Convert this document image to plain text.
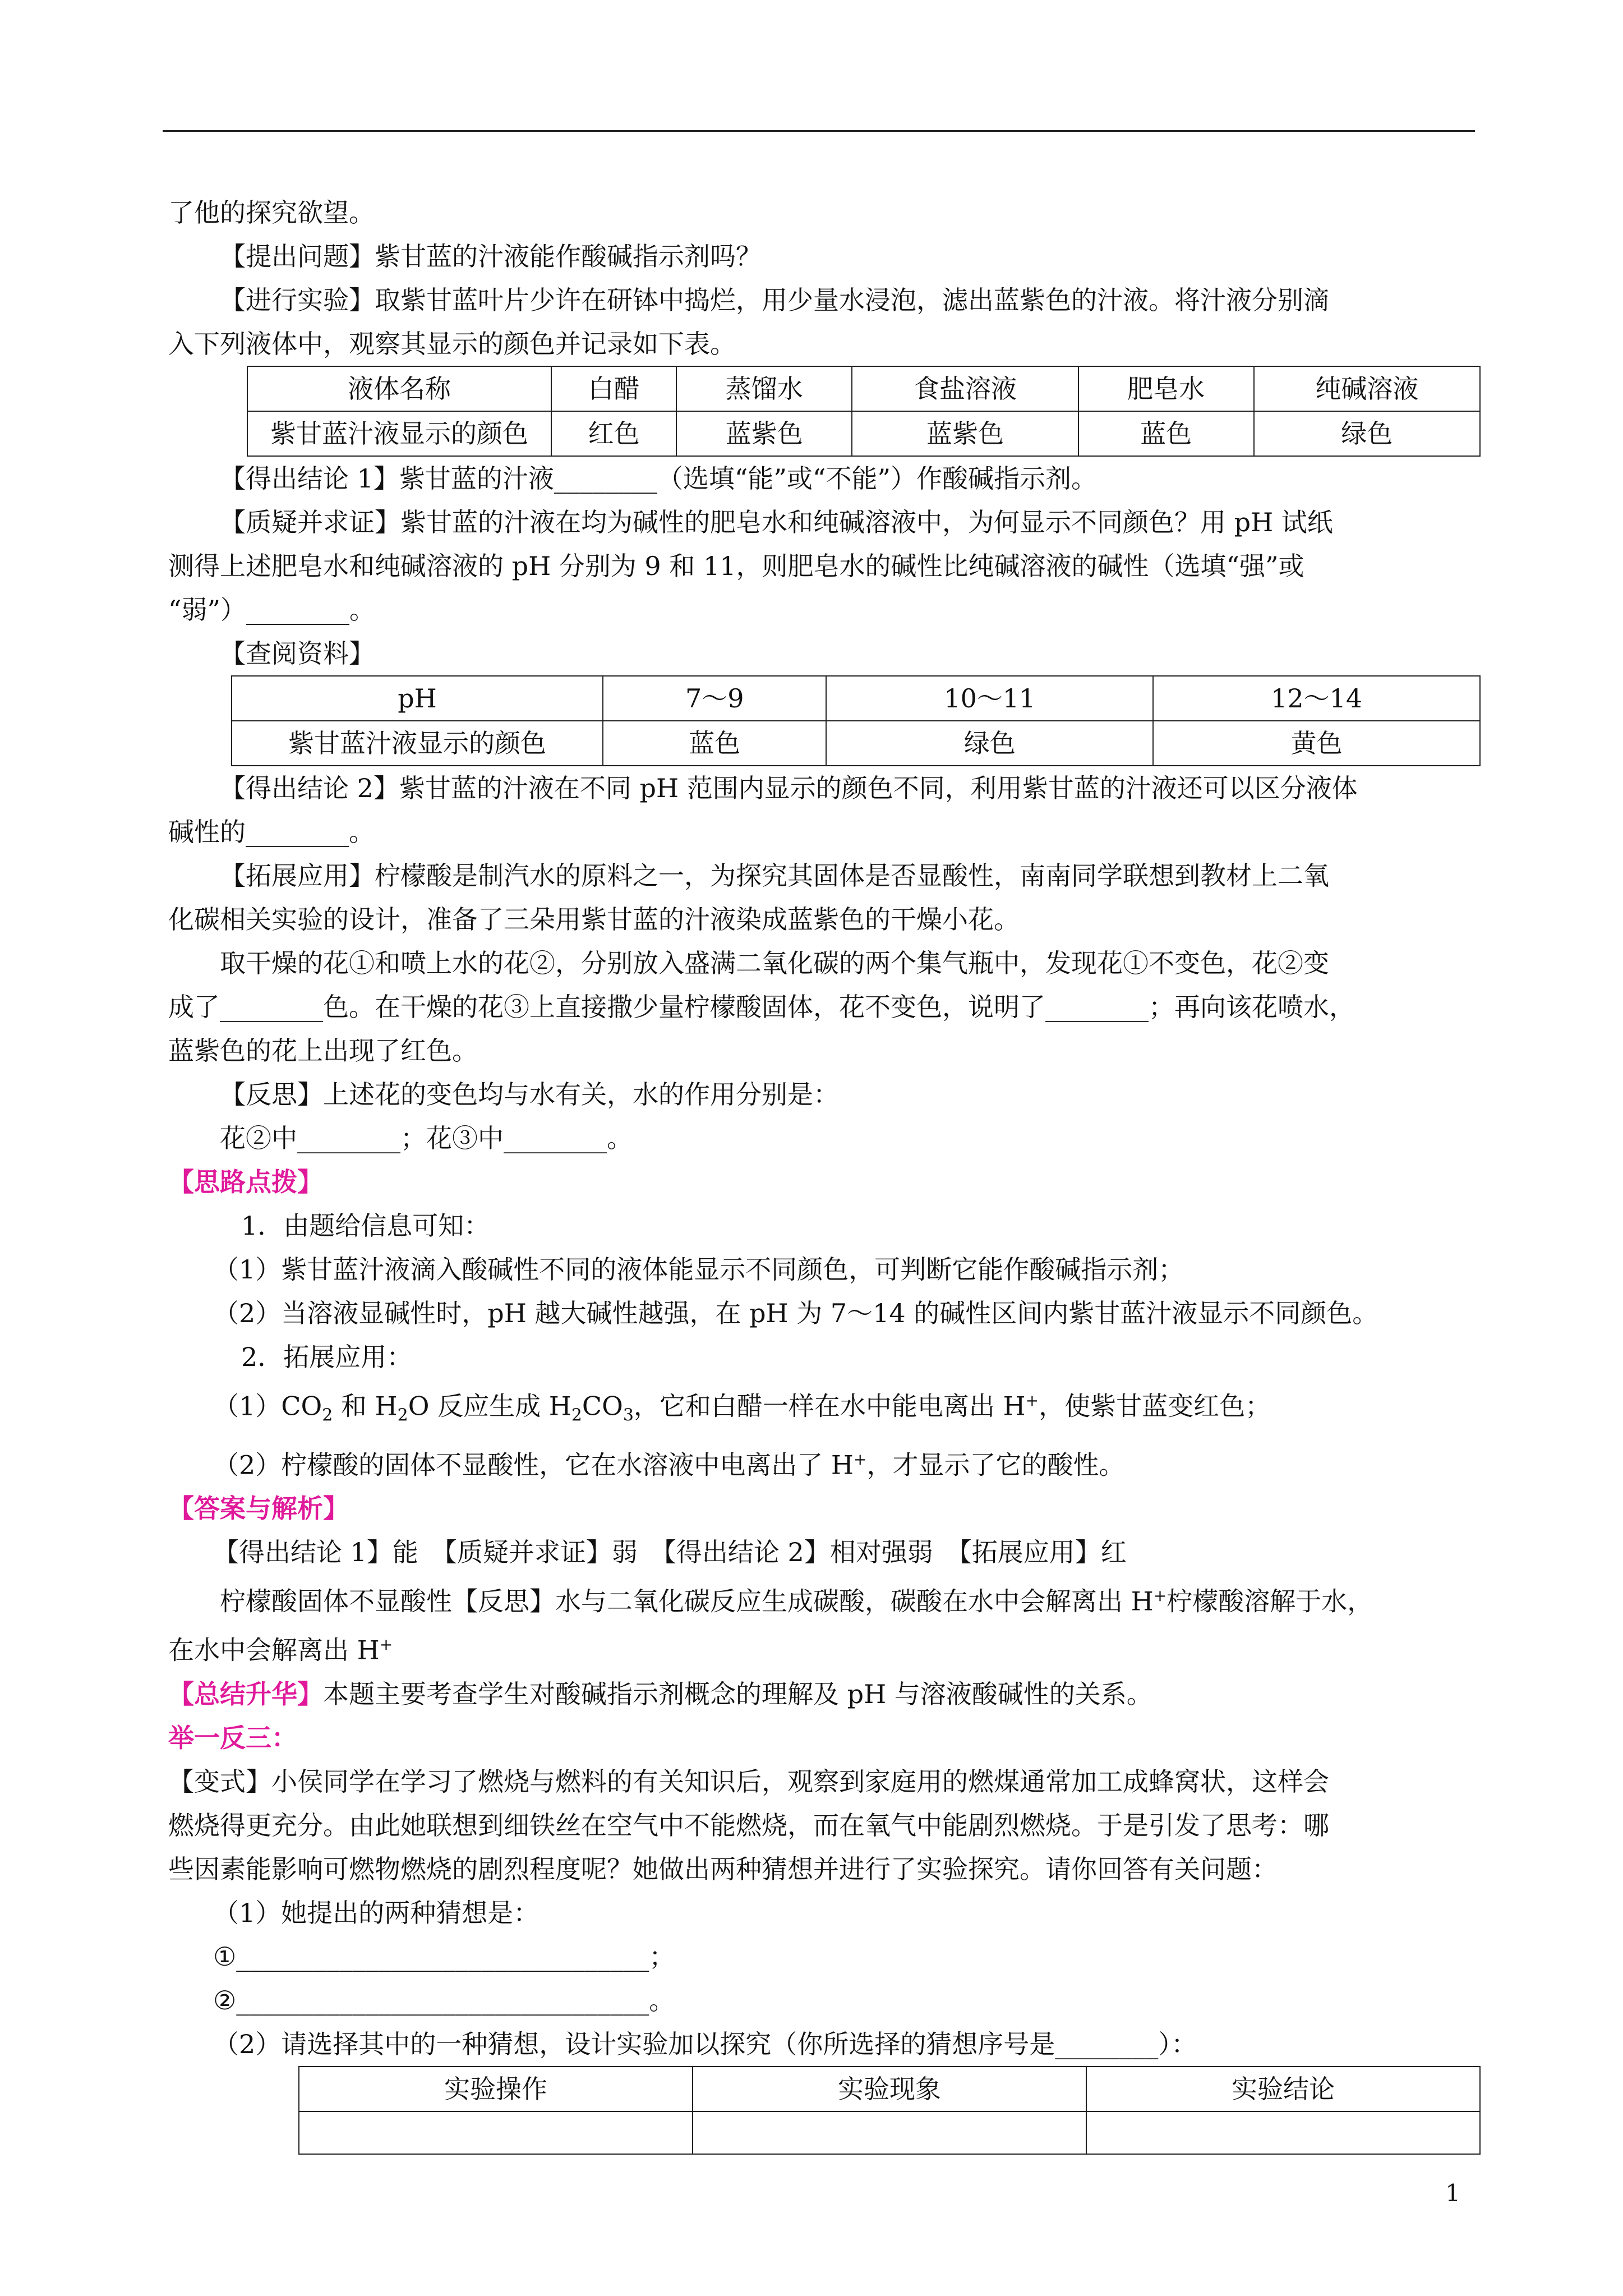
了他的探究欲望。

【提出问题】紫甘蓝的汁液能作酸碱指示剂吗？

【进行实验】取紫甘蓝叶片少许在研钵中捣烂，用少量水浸泡，滤出蓝紫色的汁液。将汁液分别滴

入下列液体中，观察其显示的颜色并记录如下表。

液体名称	白醋	蒸馏水	食盐溶液	肥皂水	纯碱溶液
紫甘蓝汁液显示的颜色	红色	蓝紫色	蓝紫色	蓝色	绿色

【得出结论 1】紫甘蓝的汁液________（选填“能”或“不能”）作酸碱指示剂。

【质疑并求证】紫甘蓝的汁液在均为碱性的肥皂水和纯碱溶液中，为何显示不同颜色？用 pH 试纸

测得上述肥皂水和纯碱溶液的 pH 分别为 9 和 11，则肥皂水的碱性比纯碱溶液的碱性（选填“强”或

“弱”）________。

【查阅资料】

pH	7～9	10～11	12～14
紫甘蓝汁液显示的颜色	蓝色	绿色	黄色

【得出结论 2】紫甘蓝的汁液在不同 pH 范围内显示的颜色不同，利用紫甘蓝的汁液还可以区分液体

碱性的________。

【拓展应用】柠檬酸是制汽水的原料之一，为探究其固体是否显酸性，南南同学联想到教材上二氧

化碳相关实验的设计，准备了三朵用紫甘蓝的汁液染成蓝紫色的干燥小花。

取干燥的花①和喷上水的花②，分别放入盛满二氧化碳的两个集气瓶中，发现花①不变色，花②变

成了________色。在干燥的花③上直接撒少量柠檬酸固体，花不变色，说明了________；再向该花喷水，

蓝紫色的花上出现了红色。

【反思】上述花的变色均与水有关，水的作用分别是：

花②中________；花③中________。

【思路点拨】

1．由题给信息可知：

（1）紫甘蓝汁液滴入酸碱性不同的液体能显示不同颜色，可判断它能作酸碱指示剂；

（2）当溶液显碱性时，pH 越大碱性越强，在 pH 为 7～14 的碱性区间内紫甘蓝汁液显示不同颜色。

2．拓展应用：

$(1)CO_2$ 和 $H_2O$ 反应生成 $H_2CO_3$，它和白醋一样在水中能电离出 H+，使紫甘蓝变红色；

（2）柠檬酸的固体不显酸性，它在水溶液中电离出了 H+，才显示了它的酸性。

【答案与解析】

【得出结论 1】能　【质疑并求证】弱　【得出结论 2】相对强弱　【拓展应用】红

柠檬酸固体不显酸性【反思】水与二氧化碳反应生成碳酸，碳酸在水中会解离出 H+柠檬酸溶解于水，

在水中会解离出 H+

【总结升华】本题主要考查学生对酸碱指示剂概念的理解及 pH 与溶液酸碱性的关系。

举一反三：

【变式】小侯同学在学习了燃烧与燃料的有关知识后，观察到家庭用的燃煤通常加工成蜂窝状，这样会

燃烧得更充分。由此她联想到细铁丝在空气中不能燃烧，而在氧气中能剧烈燃烧。于是引发了思考：哪

些因素能影响可燃物燃烧的剧烈程度呢？她做出两种猜想并进行了实验探究。请你回答有关问题：

（1）她提出的两种猜想是：

①________________________________；

②________________________________。

（2）请选择其中的一种猜想，设计实验加以探究（你所选择的猜想序号是________）：

实验操作	实验现象	实验结论

1
